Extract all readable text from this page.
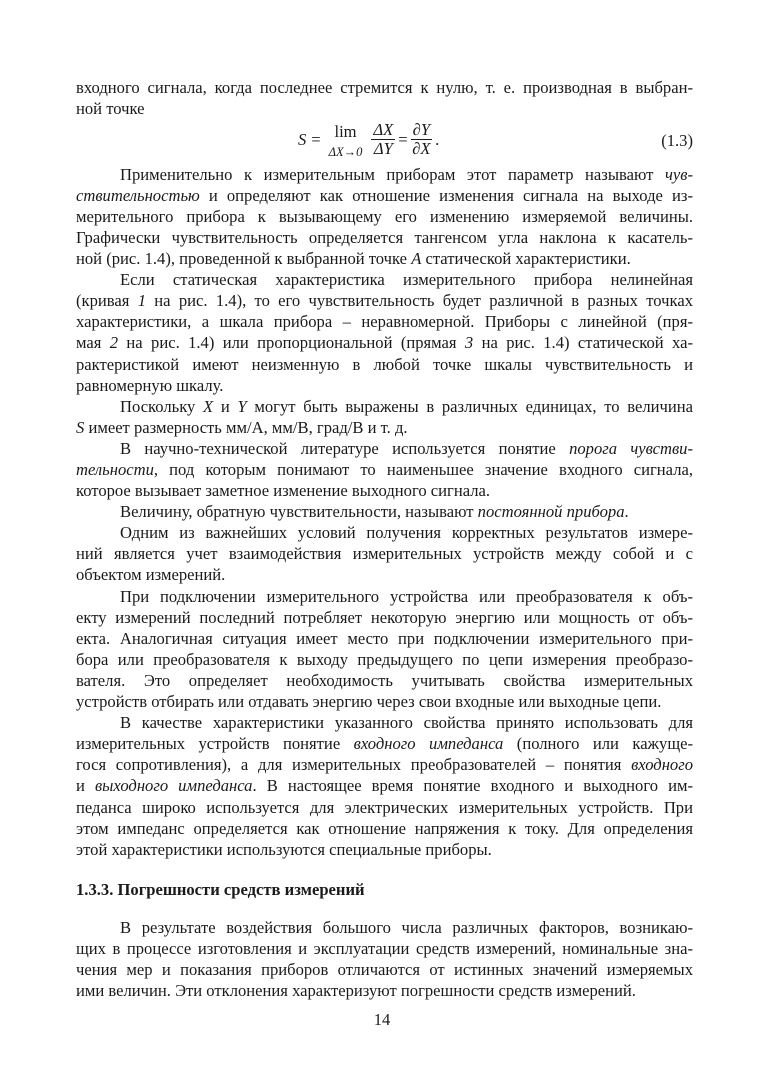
входного сигнала, когда последнее стремится к нулю, т. е. производная в выбран-
ной точке
S = lim
$\Delta X\to 0 \frac{\Delta X}{\Delta Y} = \frac{\partial Y}{\partial X}$ .	(1.3)
Применительно к измерительным приборам этот параметр называют чув-
ствительностью и определяют как отношение изменения сигнала на выходе из-
мерительного прибора к вызывающему его изменению измеряемой величины.
Графически чувствительность определяется тангенсом угла наклона к касатель-
ной (рис. 1.4), проведенной к выбранной точке A статической характеристики.
Если статическая характеристика измерительного прибора нелинейная
(кривая 1 на рис. 1.4), то его чувствительность будет различной в разных точках
характеристики, а шкала прибора – неравномерной. Приборы с линейной (пря-
мая 2 на рис. 1.4) или пропорциональной (прямая 3 на рис. 1.4) статической ха-
рактеристикой имеют неизменную в любой точке шкалы чувствительность и
равномерную шкалу.
Поскольку X и Y могут быть выражены в различных единицах, то величина
S имеет размерность мм/А, мм/В, град/В и т. д.
В научно-технической литературе используется понятие порога чувстви-
тельности, под которым понимают то наименьшее значение входного сигнала,
которое вызывает заметное изменение выходного сигнала.
Величину, обратную чувствительности, называют постоянной прибора.
Одним из важнейших условий получения корректных результатов измере-
ний является учет взаимодействия измерительных устройств между собой и с
объектом измерений.
При подключении измерительного устройства или преобразователя к объ-
екту измерений последний потребляет некоторую энергию или мощность от объ-
екта. Аналогичная ситуация имеет место при подключении измерительного при-
бора или преобразователя к выходу предыдущего по цепи измерения преобразо-
вателя. Это определяет необходимость учитывать свойства измерительных
устройств отбирать или отдавать энергию через свои входные или выходные цепи.
В качестве характеристики указанного свойства принято использовать для
измерительных устройств понятие входного импеданса (полного или кажуще-
гося сопротивления), а для измерительных преобразователей – понятия входного
и выходного импеданса. В настоящее время понятие входного и выходного им-
педанса широко используется для электрических измерительных устройств. При
этом импеданс определяется как отношение напряжения к току. Для определения
этой характеристики используются специальные приборы.
1.3.3. Погрешности средств измерений
В результате воздействия большого числа различных факторов, возникаю-
щих в процессе изготовления и эксплуатации средств измерений, номинальные зна-
чения мер и показания приборов отличаются от истинных значений измеряемых
ими величин. Эти отклонения характеризуют погрешности средств измерений.
14
